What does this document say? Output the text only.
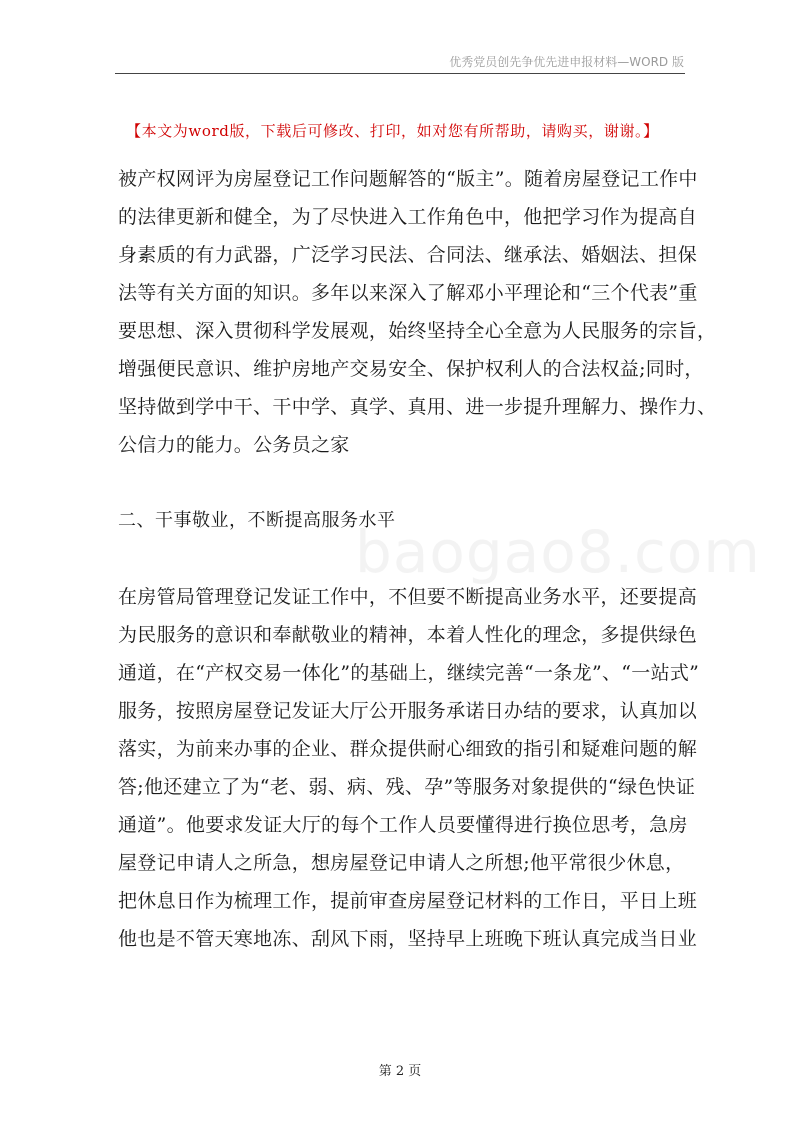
优秀党员创先争优先进申报材料—WORD 版
【本文为word版，下载后可修改、打印，如对您有所帮助，请购买，谢谢。】
baogao8.com
被产权网评为房屋登记工作问题解答的“版主”。随着房屋登记工作中
的法律更新和健全，为了尽快进入工作角色中，他把学习作为提高自
身素质的有力武器，广泛学习民法、合同法、继承法、婚姻法、担保
法等有关方面的知识。多年以来深入了解邓小平理论和“三个代表”重
要思想、深入贯彻科学发展观，始终坚持全心全意为人民服务的宗旨，
增强便民意识、维护房地产交易安全、保护权利人的合法权益;同时，
坚持做到学中干、干中学、真学、真用、进一步提升理解力、操作力、
公信力的能力。公务员之家
二、干事敬业，不断提高服务水平
在房管局管理登记发证工作中，不但要不断提高业务水平，还要提高
为民服务的意识和奉献敬业的精神，本着人性化的理念，多提供绿色
通道，在“产权交易一体化”的基础上，继续完善“一条龙”、“一站式”
服务，按照房屋登记发证大厅公开服务承诺日办结的要求，认真加以
落实，为前来办事的企业、群众提供耐心细致的指引和疑难问题的解
答;他还建立了为“老、弱、病、残、孕”等服务对象提供的“绿色快证
通道”。他要求发证大厅的每个工作人员要懂得进行换位思考，急房
屋登记申请人之所急，想房屋登记申请人之所想;他平常很少休息，
把休息日作为梳理工作，提前审查房屋登记材料的工作日，平日上班
他也是不管天寒地冻、刮风下雨，坚持早上班晚下班认真完成当日业
第 2 页
